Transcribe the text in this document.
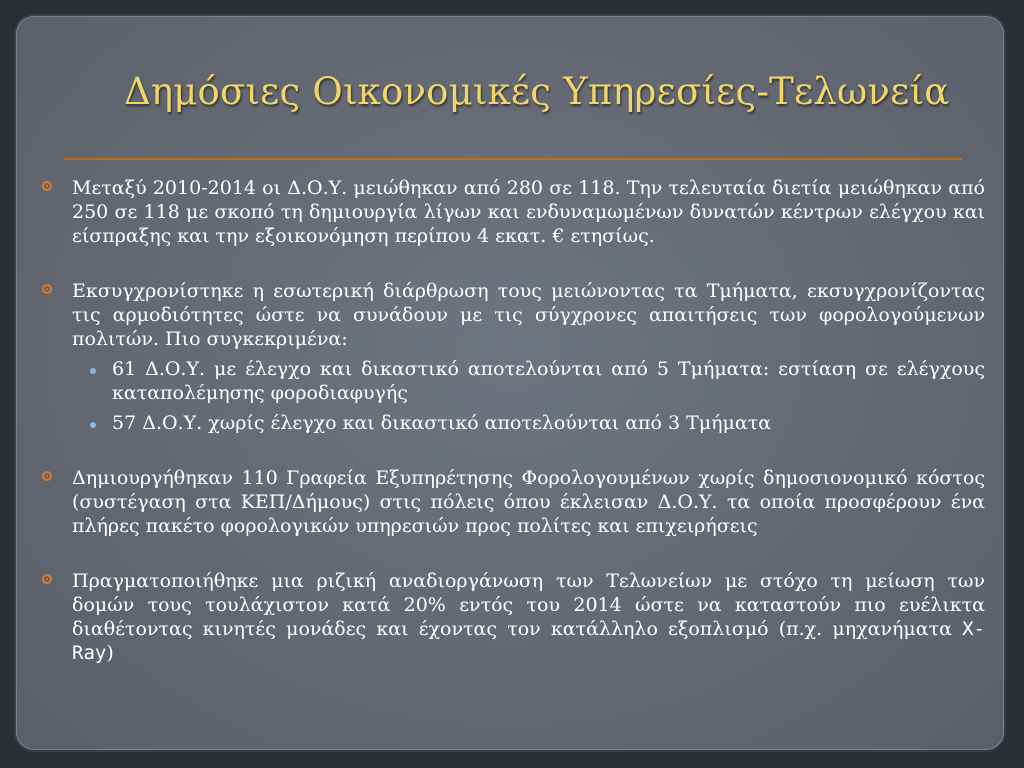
Δημόσιες Οικονομικές Υπηρεσίες-Τελωνεία
Μεταξύ 2010-2014 οι Δ.Ο.Υ. μειώθηκαν από 280 σε 118. Την τελευταία διετία μειώθηκαν από 250 σε 118 με σκοπό τη δημιουργία λίγων και ενδυναμωμένων δυνατών κέντρων ελέγχου και είσπραξης και την εξοικονόμηση περίπου 4 εκατ. € ετησίως.
Εκσυγχρονίστηκε η εσωτερική διάρθρωση τους μειώνοντας τα Τμήματα, εκσυγχρονίζοντας τις αρμοδιότητες ώστε να συνάδουν με τις σύγχρονες απαιτήσεις των φορολογούμενων πολιτών. Πιο συγκεκριμένα:
61 Δ.Ο.Υ. με έλεγχο και δικαστικό αποτελούνται από 5 Τμήματα: εστίαση σε ελέγχους καταπολέμησης φοροδιαφυγής
57 Δ.Ο.Υ. χωρίς έλεγχο και δικαστικό αποτελούνται από 3 Τμήματα
Δημιουργήθηκαν 110 Γραφεία Εξυπηρέτησης Φορολογουμένων χωρίς δημοσιονομικό κόστος (συστέγαση στα ΚΕΠ/Δήμους) στις πόλεις όπου έκλεισαν Δ.Ο.Υ. τα οποία προσφέρουν ένα πλήρες πακέτο φορολογικών υπηρεσιών προς πολίτες και επιχειρήσεις
Πραγματοποιήθηκε μια ριζική αναδιοργάνωση των Τελωνείων με στόχο τη μείωση των δομών τους τουλάχιστον κατά 20% εντός του 2014 ώστε να καταστούν πιο ευέλικτα διαθέτοντας κινητές μονάδες και έχοντας τον κατάλληλο εξοπλισμό (π.χ. μηχανήματα X-Ray)
